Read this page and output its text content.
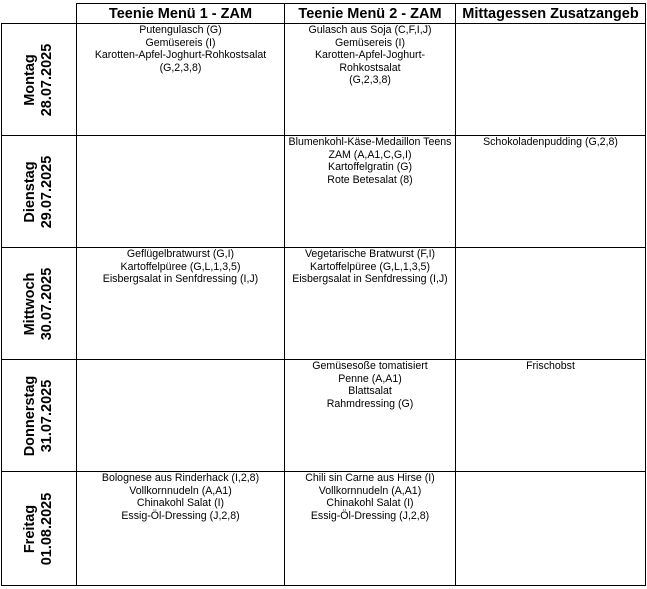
	Teenie Menü 1 - ZAM	Teenie Menü 2 - ZAM	Mittagessen Zusatzangeb

Montag
28.07.2025	Putengulasch (G)
Gemüsereis (I)
Karotten-Apfel-Joghurt-Rohkostsalat
(G,2,3,8)	Gulasch aus Soja (C,F,I,J)
Gemüsereis (I)
Karotten-Apfel-Joghurt-Rohkostsalat
(G,2,3,8)	

Dienstag
29.07.2025		Blumenkohl-Käse-Medaillon Teens
ZAM (A,A1,C,G,I)
Kartoffelgratin (G)
Rote Betesalat (8)	Schokoladenpudding (G,2,8)

Mittwoch
30.07.2025	Geflügelbratwurst (G,I)
Kartoffelpüree (G,L,1,3,5)
Eisbergsalat in Senfdressing (I,J)	Vegetarische Bratwurst (F,I)
Kartoffelpüree (G,L,1,3,5)
Eisbergsalat in Senfdressing (I,J)	

Donnerstag
31.07.2025		Gemüsesoße tomatisiert
Penne (A,A1)
Blattsalat
Rahmdressing (G)	Frischobst

Freitag
01.08.2025	Bolognese aus Rinderhack (I,2,8)
Vollkornnudeln (A,A1)
Chinakohl Salat (I)
Essig-Öl-Dressing (J,2,8)	Chili sin Carne aus Hirse (I)
Vollkornnudeln (A,A1)
Chinakohl Salat (I)
Essig-Öl-Dressing (J,2,8)	
